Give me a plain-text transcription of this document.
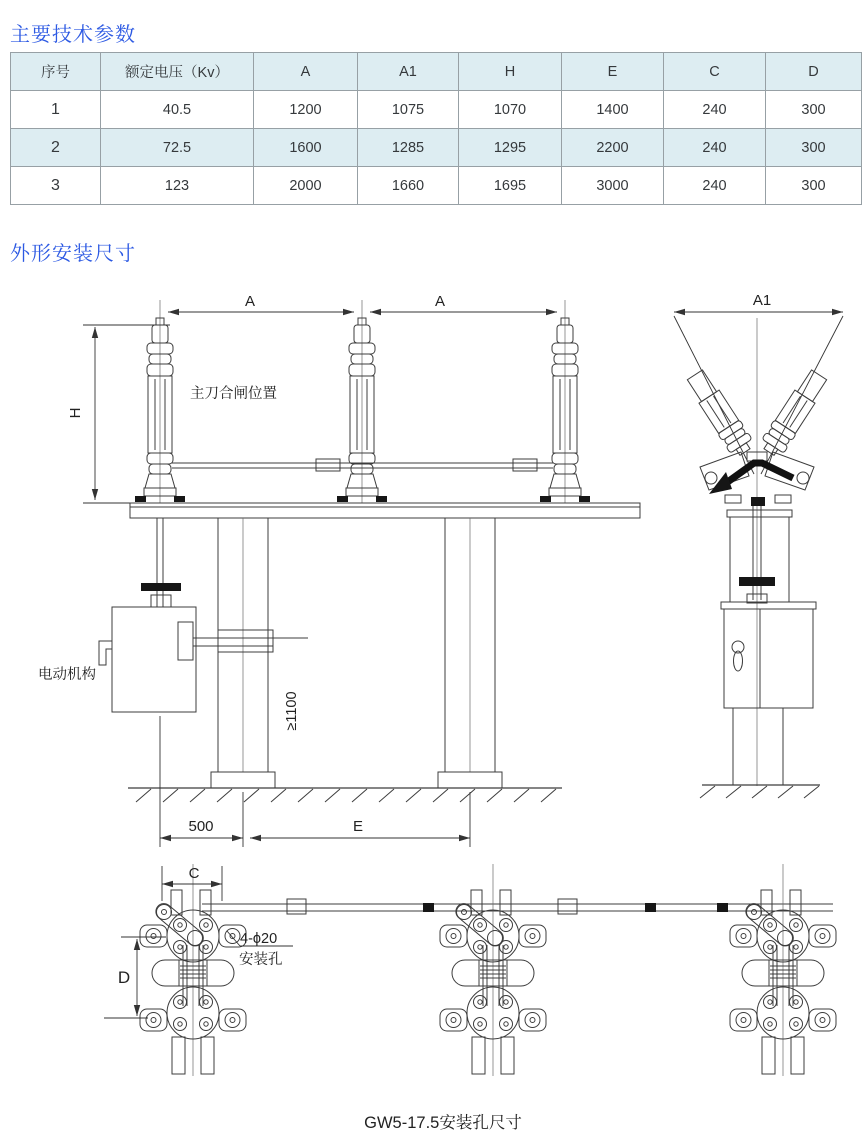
主要技术参数
序号	额定电压（Kv）	A	A1	H	E	C	D
1	40.5	1200	1075	1070	1400	240	300
2	72.5	1600	1285	1295	2200	240	300
3	123	2000	1660	1695	3000	240	300
外形安装尺寸
A	A
H
主刀合闸位置
电动机构
≥1100
500	E
A1
C
D
4-ϕ20
安装孔
GW5-17.5安装孔尺寸
